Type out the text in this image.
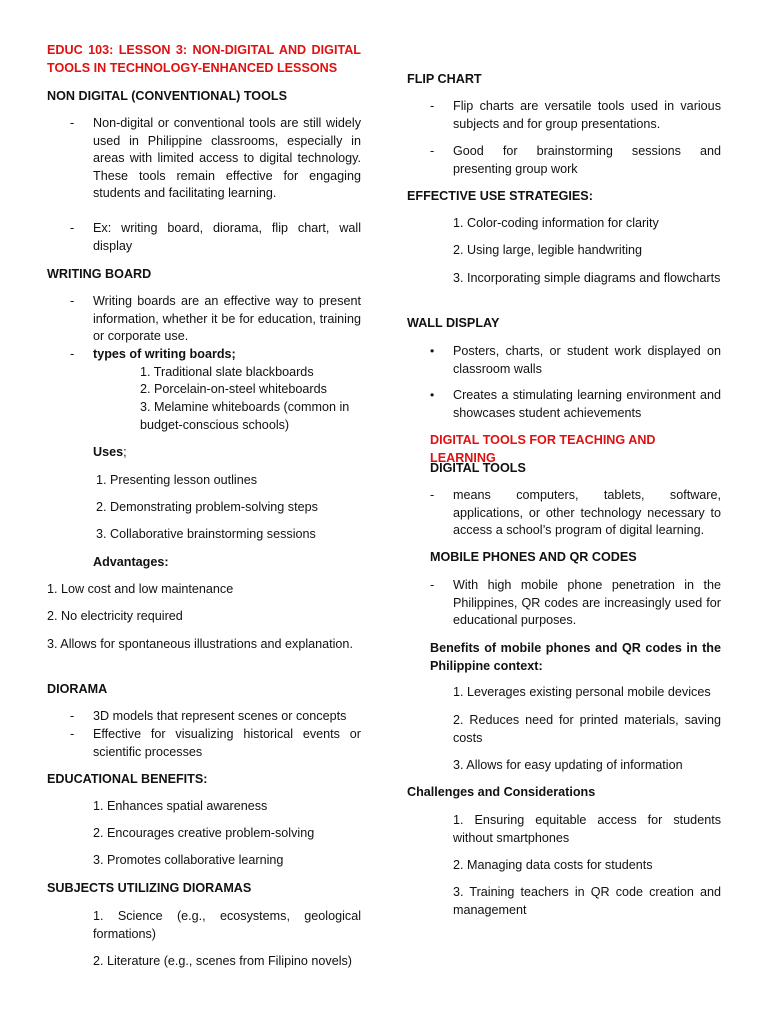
EDUC 103: LESSON 3: NON-DIGITAL AND DIGITAL TOOLS IN TECHNOLOGY-ENHANCED LESSONS

NON DIGITAL (CONVENTIONAL) TOOLS

- Non-digital or conventional tools are still widely used in Philippine classrooms, especially in areas with limited access to digital technology. These tools remain effective for engaging students and facilitating learning.
- Ex: writing board, diorama, flip chart, wall display

WRITING BOARD

- Writing boards are an effective way to present information, whether it be for education, training or corporate use.
- types of writing boards;

1. Traditional slate blackboards

2. Porcelain-on-steel whiteboards

3. Melamine whiteboards (common in budget-conscious schools)

Uses;

1. Presenting lesson outlines

2. Demonstrating problem-solving steps

3. Collaborative brainstorming sessions

Advantages:

1. Low cost and low maintenance

2. No electricity required

3. Allows for spontaneous illustrations and explanation.

DIORAMA

- 3D models that represent scenes or concepts
- Effective for visualizing historical events or scientific processes

EDUCATIONAL BENEFITS:

1. Enhances spatial awareness

2. Encourages creative problem-solving

3. Promotes collaborative learning

SUBJECTS UTILIZING DIORAMAS

1. Science (e.g., ecosystems, geological formations)

2. Literature (e.g., scenes from Filipino novels)

FLIP CHART

- Flip charts are versatile tools used in various subjects and for group presentations.
- Good for brainstorming sessions and presenting group work

EFFECTIVE USE STRATEGIES:

1. Color-coding information for clarity

2. Using large, legible handwriting

3. Incorporating simple diagrams and flowcharts

WALL DISPLAY

• Posters, charts, or student work displayed on classroom walls
• Creates a stimulating learning environment and showcases student achievements

DIGITAL TOOLS FOR TEACHING AND LEARNING

DIGITAL TOOLS

- means computers, tablets, software, applications, or other technology necessary to access a school’s program of digital learning.

MOBILE PHONES AND QR CODES

- With high mobile phone penetration in the Philippines, QR codes are increasingly used for educational purposes.

Benefits of mobile phones and QR codes in the Philippine context:

1. Leverages existing personal mobile devices

2. Reduces need for printed materials, saving costs

3. Allows for easy updating of information

Challenges and Considerations

1. Ensuring equitable access for students without smartphones

2. Managing data costs for students

3. Training teachers in QR code creation and management
